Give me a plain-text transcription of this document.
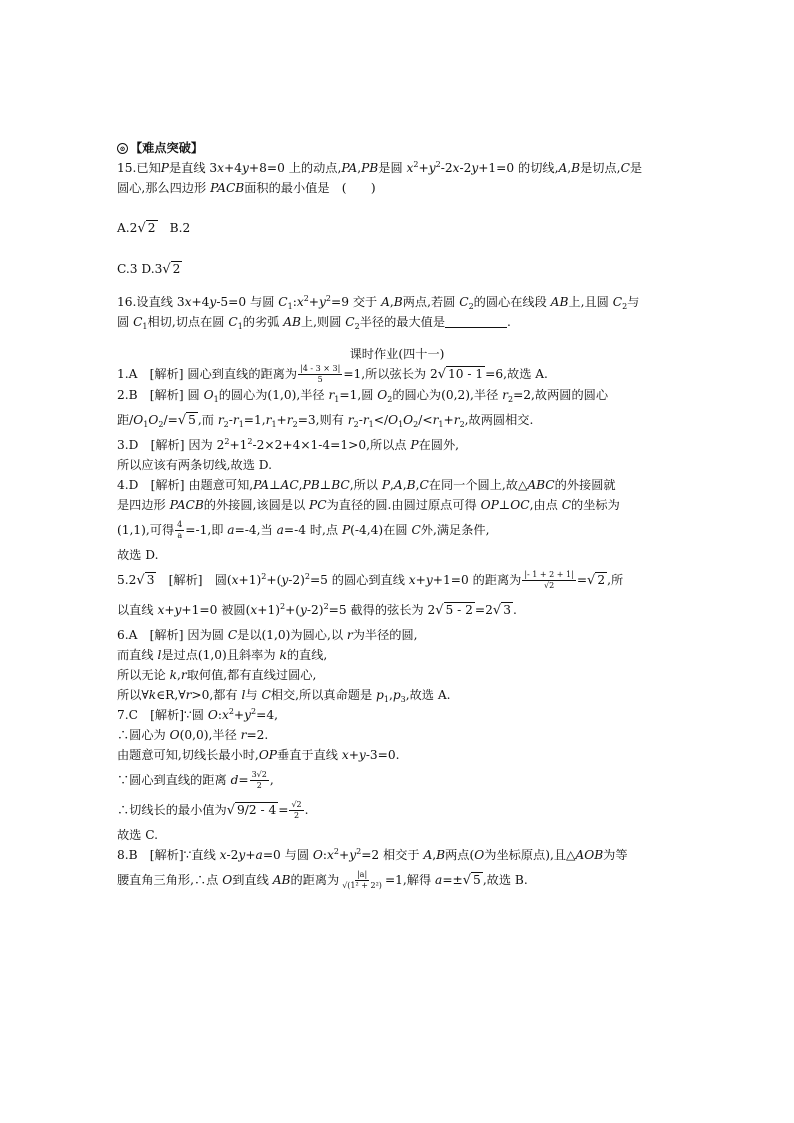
⊙ 【难点突破】
15.已知P是直线 3x+4y+8=0 上的动点,PA,PB是圆 $x^2+y^2-2x-2y+1=0$ 的切线,A,B是切点,C是
圆心,那么四边形 PACB面积的最小值是　(　　)
A.2√ 2　B.2
C.3 D.3√ 2
16.设直线 3x+4y-5=0 与圆 $C_1:x^2+y^2=9$ 交于 A,B两点,若圆 $C_2$的圆心在线段 AB上,且圆 $C_2$与
圆 $C_1$相切,切点在圆 $C_1$的劣弧 AB上,则圆 $C_2$半径的最大值是	.
课时作业(四十一)
1.A　[解析] 圆心到直线的距离为 $\frac{|4 - 3 \times 3|}{5} =1$,所以弦长为 2√ 10 - 1 =6,故选 A.
2.B　[解析] 圆 $O_1$的圆心为(1,0),半径 $r_1=1$,圆 $O_2$的圆心为(0,2),半径 $r_2=2$,故两圆的圆心
距$/O_1O_2/=√$ 5 ,而 $r_2-r_1=1,r_1+r_2=3$,则有 $r_2-r_1</O_1O_2/<r_1+r_2$,故两圆相交.
3.D　[解析] 因为 $2^2+1^2-2\times 2+4\times 1-4=1>0$,所以点 P在圆外,
所以应该有两条切线,故选 D.
4.D　[解析] 由题意可知,PA⊥AC,PB⊥BC,所以 P,A,B,C在同一个圆上,故△ABC的外接圆就
是四边形 PACB的外接圆,该圆是以 PC为直径的圆.由圆过原点可得 OP⊥OC,由点 C的坐标为
(1,1),可得 $\frac{4}{a} =-1$,即 a=-4,当 a=-4 时,点 P(-4,4)在圆 C外,满足条件,
故选 D.
5.2√ 3　[解析]　圆$(x+1)^2+(y-2)^2=5$ 的圆心到直线 x+y+1=0 的距离为 $\frac{|- 1 + 2 + 1|}{√2}$ =√ 2 ,所
以直线 x+y+1=0 被圆$(x+1)^2+(y-2)^2=5$ 截得的弦长为 2√ 5 - 2 =2√ 3 .
6.A　[解析] 因为圆 C是以(1,0)为圆心,以 r为半径的圆,
而直线 l是过点(1,0)且斜率为 k的直线,
所以无论 k,r取何值,都有直线过圆心,
所以∀k∈R,∀r>0,都有 l与 C相交,所以真命题是 $p_1,p_3$,故选 A.
7.C　[解析]∵圆 $O:x^2+y^2=4$,
∴圆心为 O(0,0),半径 r=2.
由题意可知,切线长最小时,OP垂直于直线 x+y-3=0.
∵圆心到直线的距离 $d= \frac{3√2}{2}$ ,
∴切线长的最小值为√ $9/2 - 4 = \frac{√2}{2}$ .
故选 C.
8.B　[解析]∵直线 x-2y+a=0 与圆 $O:x^2+y^2=2$ 相交于 A,B两点(O为坐标原点),且△AOB为等
腰直角三角形,∴点 O到直线 AB的距离为 $\frac{|a|}{\text{√(1² + 2²)}} =1$,解得 a=±√ 5 ,故选 B.
